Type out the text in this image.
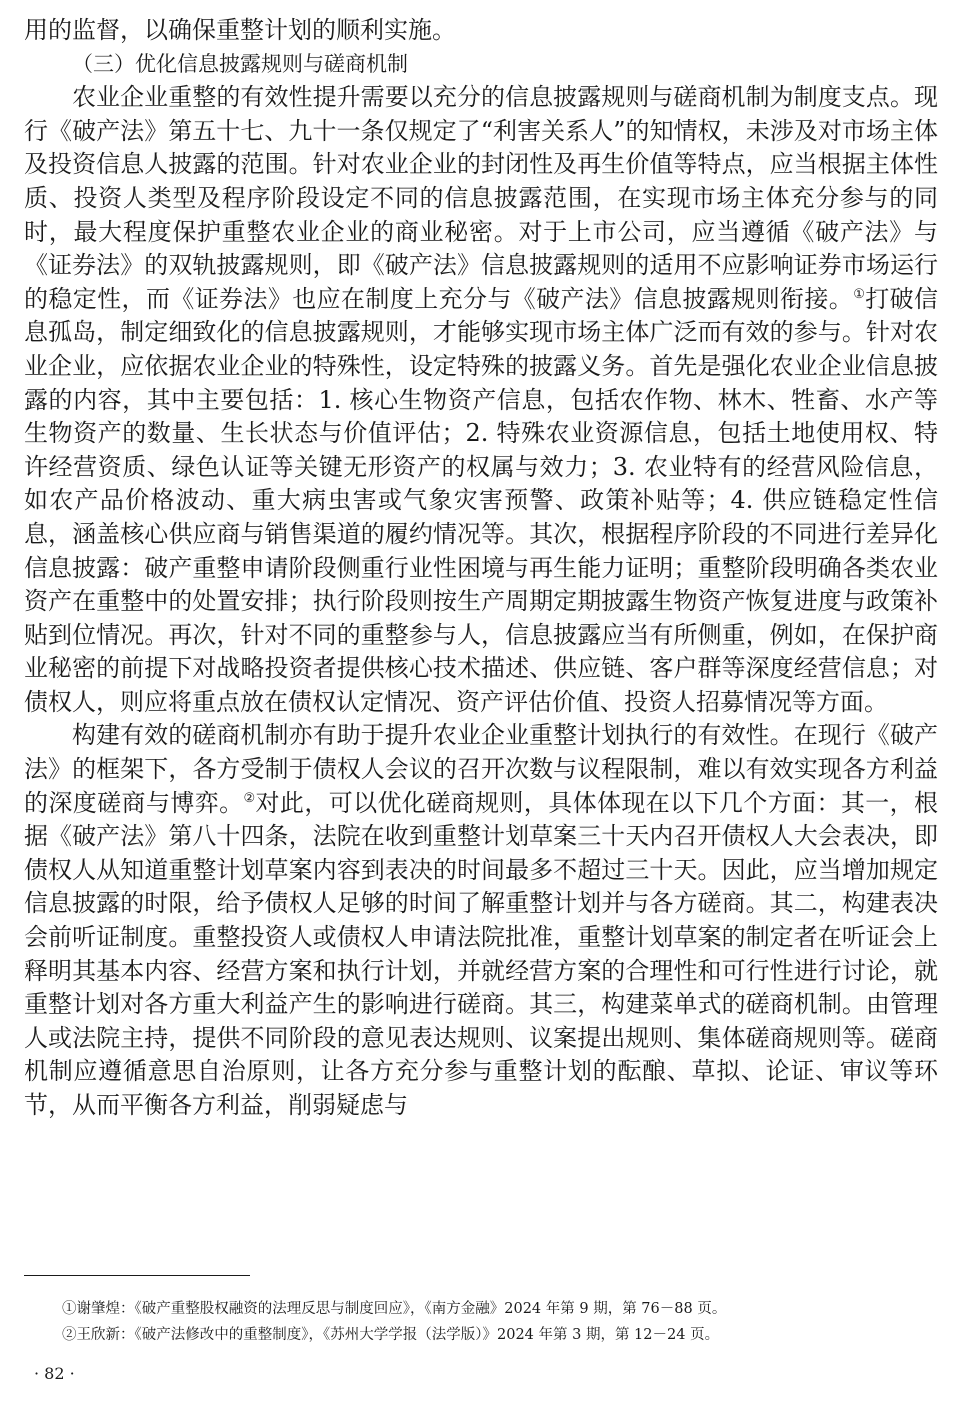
用的监督，以确保重整计划的顺利实施。

（三）优化信息披露规则与磋商机制

农业企业重整的有效性提升需要以充分的信息披露规则与磋商机制为制度支点。现行《破产法》第五十七、九十一条仅规定了“利害关系人”的知情权，未涉及对市场主体及投资信息人披露的范围。针对农业企业的封闭性及再生价值等特点，应当根据主体性质、投资人类型及程序阶段设定不同的信息披露范围，在实现市场主体充分参与的同时，最大程度保护重整农业企业的商业秘密。对于上市公司，应当遵循《破产法》与《证券法》的双轨披露规则，即《破产法》信息披露规则的适用不应影响证券市场运行的稳定性，而《证券法》也应在制度上充分与《破产法》信息披露规则衔接。①打破信息孤岛，制定细致化的信息披露规则，才能够实现市场主体广泛而有效的参与。针对农业企业，应依据农业企业的特殊性，设定特殊的披露义务。首先是强化农业企业信息披露的内容，其中主要包括：1. 核心生物资产信息，包括农作物、林木、牲畜、水产等生物资产的数量、生长状态与价值评估；2. 特殊农业资源信息，包括土地使用权、特许经营资质、绿色认证等关键无形资产的权属与效力；3. 农业特有的经营风险信息，如农产品价格波动、重大病虫害或气象灾害预警、政策补贴等；4. 供应链稳定性信息，涵盖核心供应商与销售渠道的履约情况等。其次，根据程序阶段的不同进行差异化信息披露：破产重整申请阶段侧重行业性困境与再生能力证明；重整阶段明确各类农业资产在重整中的处置安排；执行阶段则按生产周期定期披露生物资产恢复进度与政策补贴到位情况。再次，针对不同的重整参与人，信息披露应当有所侧重，例如，在保护商业秘密的前提下对战略投资者提供核心技术描述、供应链、客户群等深度经营信息；对债权人，则应将重点放在债权认定情况、资产评估价值、投资人招募情况等方面。

构建有效的磋商机制亦有助于提升农业企业重整计划执行的有效性。在现行《破产法》的框架下，各方受制于债权人会议的召开次数与议程限制，难以有效实现各方利益的深度磋商与博弈。②对此，可以优化磋商规则，具体体现在以下几个方面：其一，根据《破产法》第八十四条，法院在收到重整计划草案三十天内召开债权人大会表决，即债权人从知道重整计划草案内容到表决的时间最多不超过三十天。因此，应当增加规定信息披露的时限，给予债权人足够的时间了解重整计划并与各方磋商。其二，构建表决会前听证制度。重整投资人或债权人申请法院批准，重整计划草案的制定者在听证会上释明其基本内容、经营方案和执行计划，并就经营方案的合理性和可行性进行讨论，就重整计划对各方重大利益产生的影响进行磋商。其三，构建菜单式的磋商机制。由管理人或法院主持，提供不同阶段的意见表达规则、议案提出规则、集体磋商规则等。磋商机制应遵循意思自治原则，让各方充分参与重整计划的酝酿、草拟、论证、审议等环节，从而平衡各方利益，削弱疑虑与

①谢肇煌：《破产重整股权融资的法理反思与制度回应》，《南方金融》2024 年第 9 期，第 76－88 页。

②王欣新：《破产法修改中的重整制度》，《苏州大学学报（法学版）》2024 年第 3 期，第 12－24 页。

· 82 ·
